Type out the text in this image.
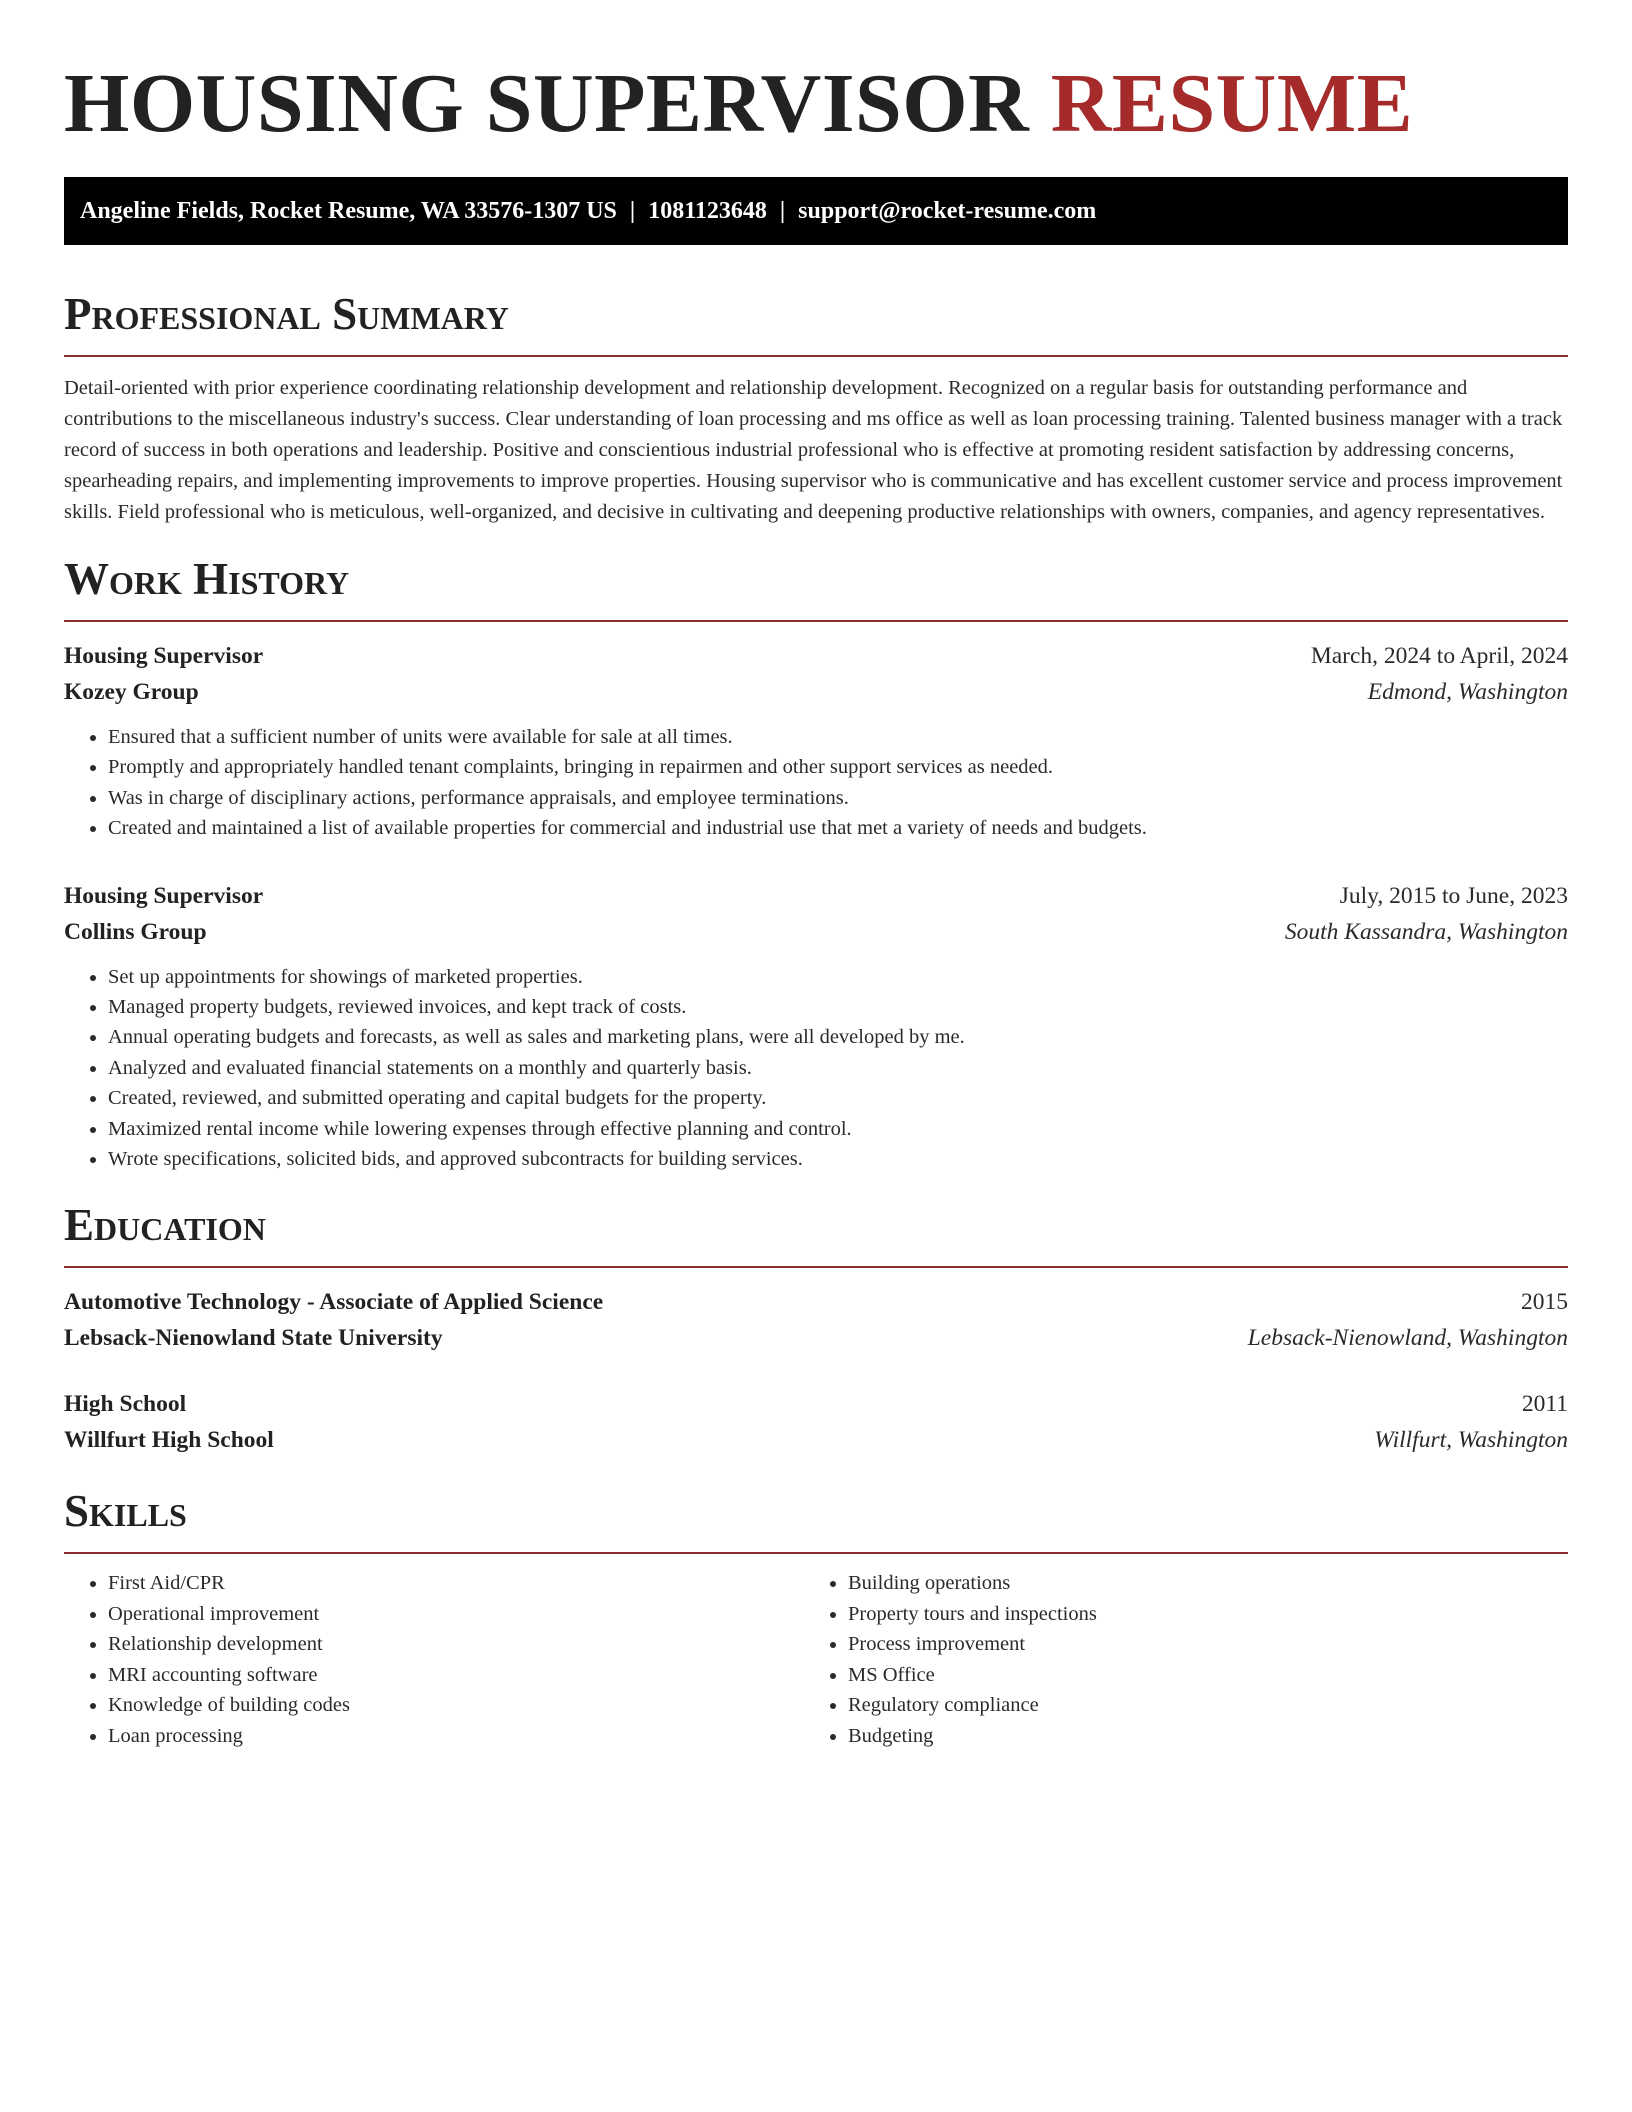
HOUSING SUPERVISOR RESUME
Angeline Fields, Rocket Resume, WA 33576-1307 US | 1081123648 | support@rocket-resume.com
Professional Summary

Detail-oriented with prior experience coordinating relationship development and relationship development. Recognized on a regular basis for outstanding performance and contributions to the miscellaneous industry's success. Clear understanding of loan processing and ms office as well as loan processing training. Talented business manager with a track record of success in both operations and leadership. Positive and conscientious industrial professional who is effective at promoting resident satisfaction by addressing concerns, spearheading repairs, and implementing improvements to improve properties. Housing supervisor who is communicative and has excellent customer service and process improvement skills. Field professional who is meticulous, well-organized, and decisive in cultivating and deepening productive relationships with owners, companies, and agency representatives.

Work History
Housing Supervisor	March, 2024 to April, 2024
Kozey Group	Edmond, Washington
• Ensured that a sufficient number of units were available for sale at all times.
• Promptly and appropriately handled tenant complaints, bringing in repairmen and other support services as needed.
• Was in charge of disciplinary actions, performance appraisals, and employee terminations.
• Created and maintained a list of available properties for commercial and industrial use that met a variety of needs and budgets.
Housing Supervisor	July, 2015 to June, 2023
Collins Group	South Kassandra, Washington
• Set up appointments for showings of marketed properties.
• Managed property budgets, reviewed invoices, and kept track of costs.
• Annual operating budgets and forecasts, as well as sales and marketing plans, were all developed by me.
• Analyzed and evaluated financial statements on a monthly and quarterly basis.
• Created, reviewed, and submitted operating and capital budgets for the property.
• Maximized rental income while lowering expenses through effective planning and control.
• Wrote specifications, solicited bids, and approved subcontracts for building services.
Education
Automotive Technology - Associate of Applied Science	2015
Lebsack-Nienowland State University	Lebsack-Nienowland, Washington
High School	2011
Willfurt High School	Willfurt, Washington
Skills
• First Aid/CPR
• Operational improvement
• Relationship development
• MRI accounting software
• Knowledge of building codes
• Loan processing
• Building operations
• Property tours and inspections
• Process improvement
• MS Office
• Regulatory compliance
• Budgeting
